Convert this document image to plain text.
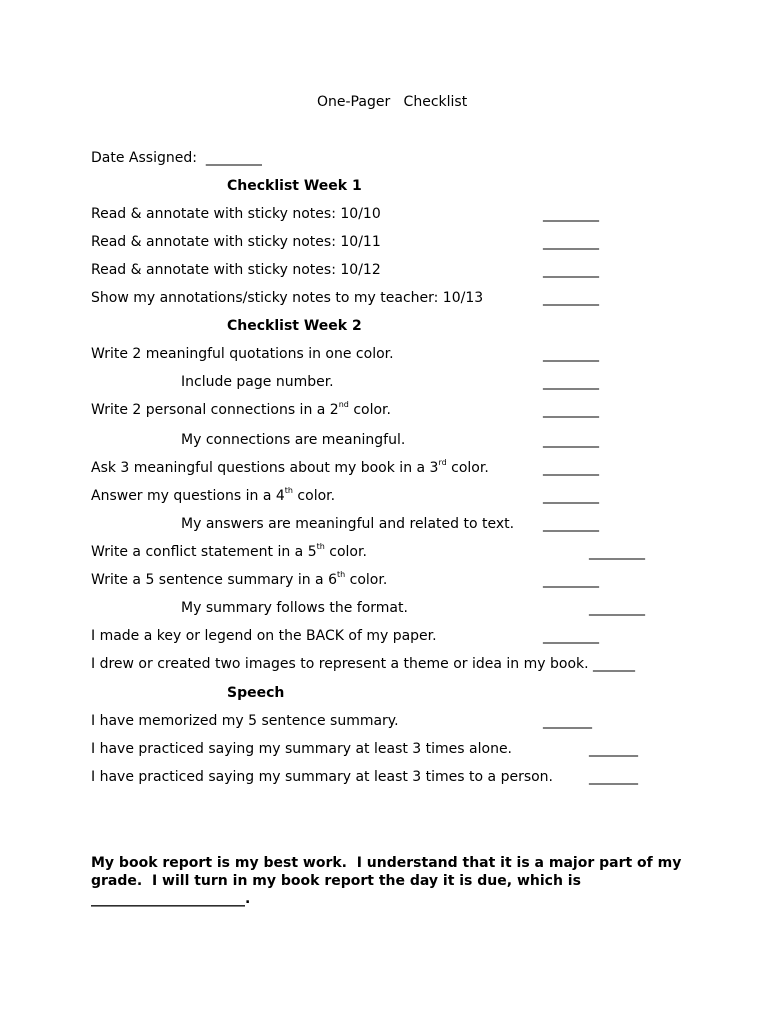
One-Pager   Checklist
Date Assigned:  ________
Checklist Week 1
Read & annotate with sticky notes: 10/10	________
Read & annotate with sticky notes: 10/11	________
Read & annotate with sticky notes: 10/12	________
Show my annotations/sticky notes to my teacher: 10/13	________
Checklist Week 2
Write 2 meaningful quotations in one color.	________
Include page number.	________
Write 2 personal connections in a 2nd color.	________
My connections are meaningful.	________
Ask 3 meaningful questions about my book in a 3rd color.	________
Answer my questions in a 4th color.	________
My answers are meaningful and related to text. ________
Write a conflict statement in a 5th color.	________
Write a 5 sentence summary in a 6th color.	________
My summary follows the format.	________
I made a key or legend on the BACK of my paper.	________
I drew or created two images to represent a theme or idea in my book. ______
Speech
I have memorized my 5 sentence summary.	_______
I have practiced saying my summary at least 3 times alone.	_______
I have practiced saying my summary at least 3 times to a person.	_______
My book report is my best work.  I understand that it is a major part of my
grade.  I will turn in my book report the day it is due, which is
______________________.
